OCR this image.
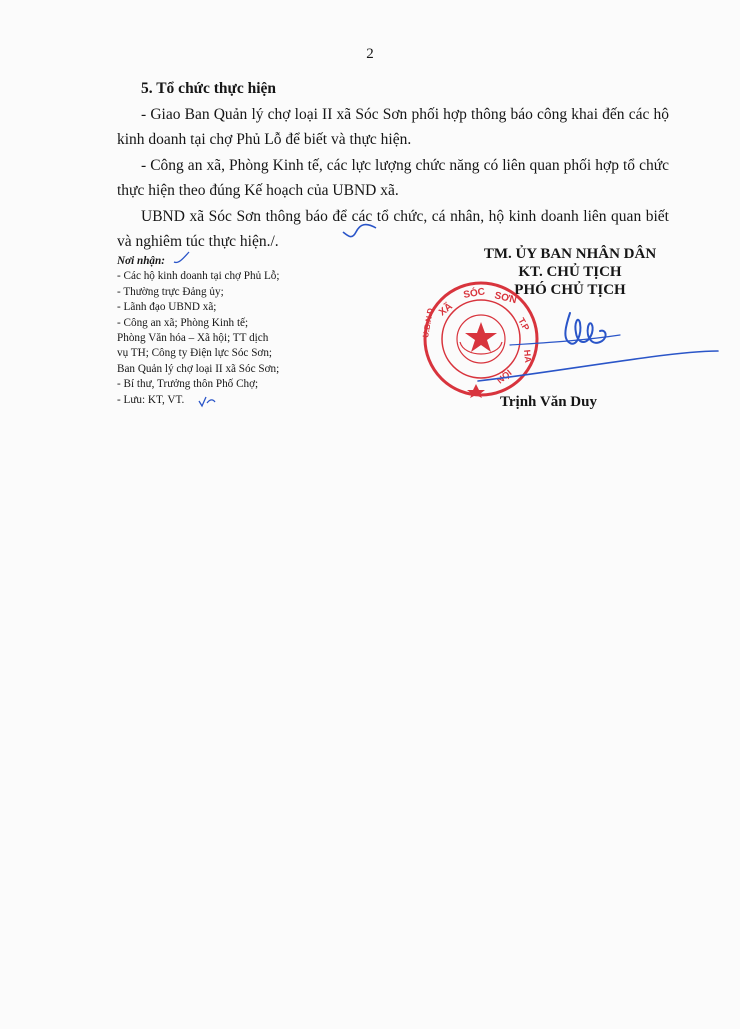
2
5. Tổ chức thực hiện

- Giao Ban Quản lý chợ loại II xã Sóc Sơn phối hợp thông báo công khai đến các hộ kinh doanh tại chợ Phủ Lỗ để biết và thực hiện.

- Công an xã, Phòng Kinh tế, các lực lượng chức năng có liên quan phối hợp tổ chức thực hiện theo đúng Kế hoạch của UBND xã.

UBND xã Sóc Sơn thông báo để các tổ chức, cá nhân, hộ kinh doanh liên quan biết và nghiêm túc thực hiện./.

Nơi nhận:
- Các hộ kinh doanh tại chợ Phủ Lỗ;
- Thường trực Đảng ủy;
- Lãnh đạo UBND xã;
- Công an xã; Phòng Kinh tế;
Phòng Văn hóa – Xã hội; TT dịch
vụ TH; Công ty Điện lực Sóc Sơn;
Ban Quản lý chợ loại II xã Sóc Sơn;
- Bí thư, Trưởng thôn Phố Chợ;
- Lưu: KT, VT.
TM. ỦY BAN NHÂN DÂN
KT. CHỦ TỊCH
PHÓ CHỦ TỊCH
XÃ
SÓC SƠN
T.P
HÀ
NỘI
U.B.N.D
Trịnh Văn Duy
